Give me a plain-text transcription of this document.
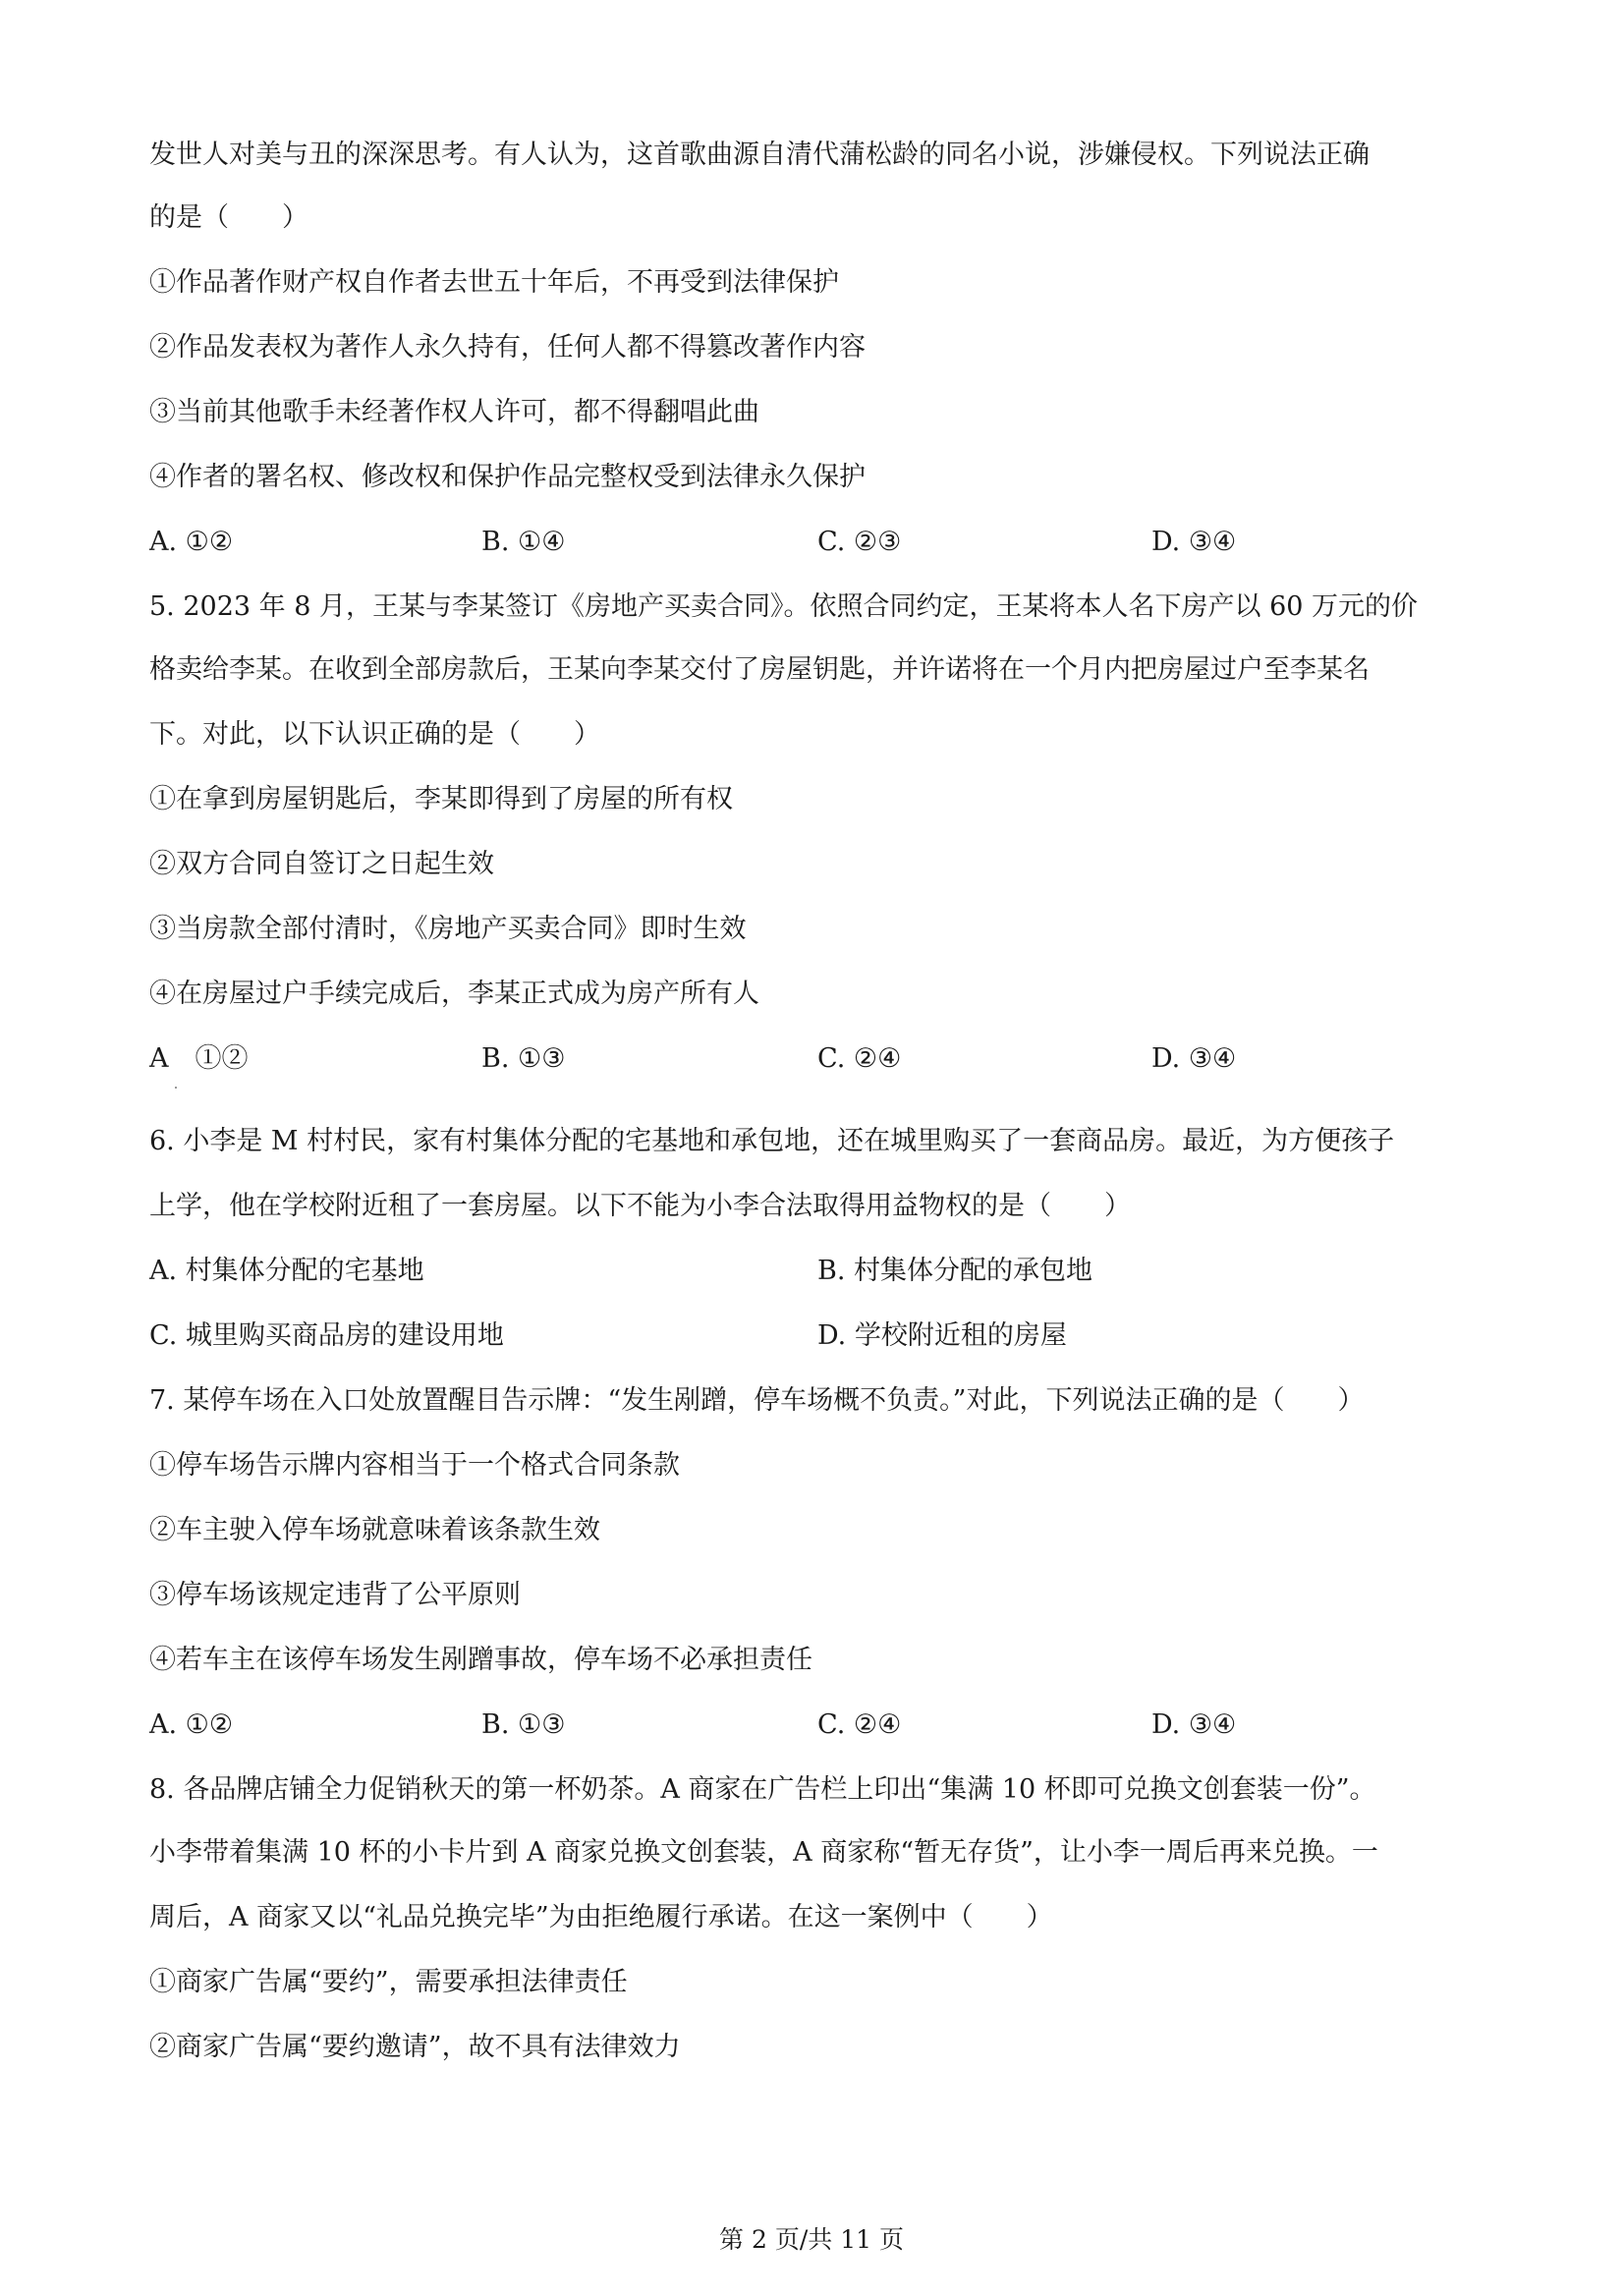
发世人对美与丑的深深思考。有人认为，这首歌曲源自清代蒲松龄的同名小说，涉嫌侵权。下列说法正确
的是（　　）
①作品著作财产权自作者去世五十年后，不再受到法律保护
②作品发表权为著作人永久持有，任何人都不得篡改著作内容
③当前其他歌手未经著作权人许可，都不得翻唱此曲
④作者的署名权、修改权和保护作品完整权受到法律永久保护
A. ①②	B. ①④	C. ②③	D. ③④
5. 2023 年 8 月，王某与李某签订《房地产买卖合同》。依照合同约定，王某将本人名下房产以 60 万元的价
格卖给李某。在收到全部房款后，王某向李某交付了房屋钥匙，并许诺将在一个月内把房屋过户至李某名
下。对此，以下认识正确的是（　　）
①在拿到房屋钥匙后，李某即得到了房屋的所有权
②双方合同自签订之日起生效
③当房款全部付清时，《房地产买卖合同》即时生效
④在房屋过户手续完成后，李某正式成为房产所有人
A　①②	B. ①③	C. ②④	D. ③④
6. 小李是 M 村村民，家有村集体分配的宅基地和承包地，还在城里购买了一套商品房。最近，为方便孩子
上学，他在学校附近租了一套房屋。以下不能为小李合法取得用益物权的是（　　）
A. 村集体分配的宅基地	B. 村集体分配的承包地
C. 城里购买商品房的建设用地	D. 学校附近租的房屋
7. 某停车场在入口处放置醒目告示牌：“发生剐蹭，停车场概不负责。”对此，下列说法正确的是（　　）
①停车场告示牌内容相当于一个格式合同条款
②车主驶入停车场就意味着该条款生效
③停车场该规定违背了公平原则
④若车主在该停车场发生剐蹭事故，停车场不必承担责任
A. ①②	B. ①③	C. ②④	D. ③④
8. 各品牌店铺全力促销秋天的第一杯奶茶。A 商家在广告栏上印出“集满 10 杯即可兑换文创套装一份”。
小李带着集满 10 杯的小卡片到 A 商家兑换文创套装，A 商家称“暂无存货”，让小李一周后再来兑换。一
周后，A 商家又以“礼品兑换完毕”为由拒绝履行承诺。在这一案例中（　　）
①商家广告属“要约”，需要承担法律责任
②商家广告属“要约邀请”，故不具有法律效力
第 2 页/共 11 页
